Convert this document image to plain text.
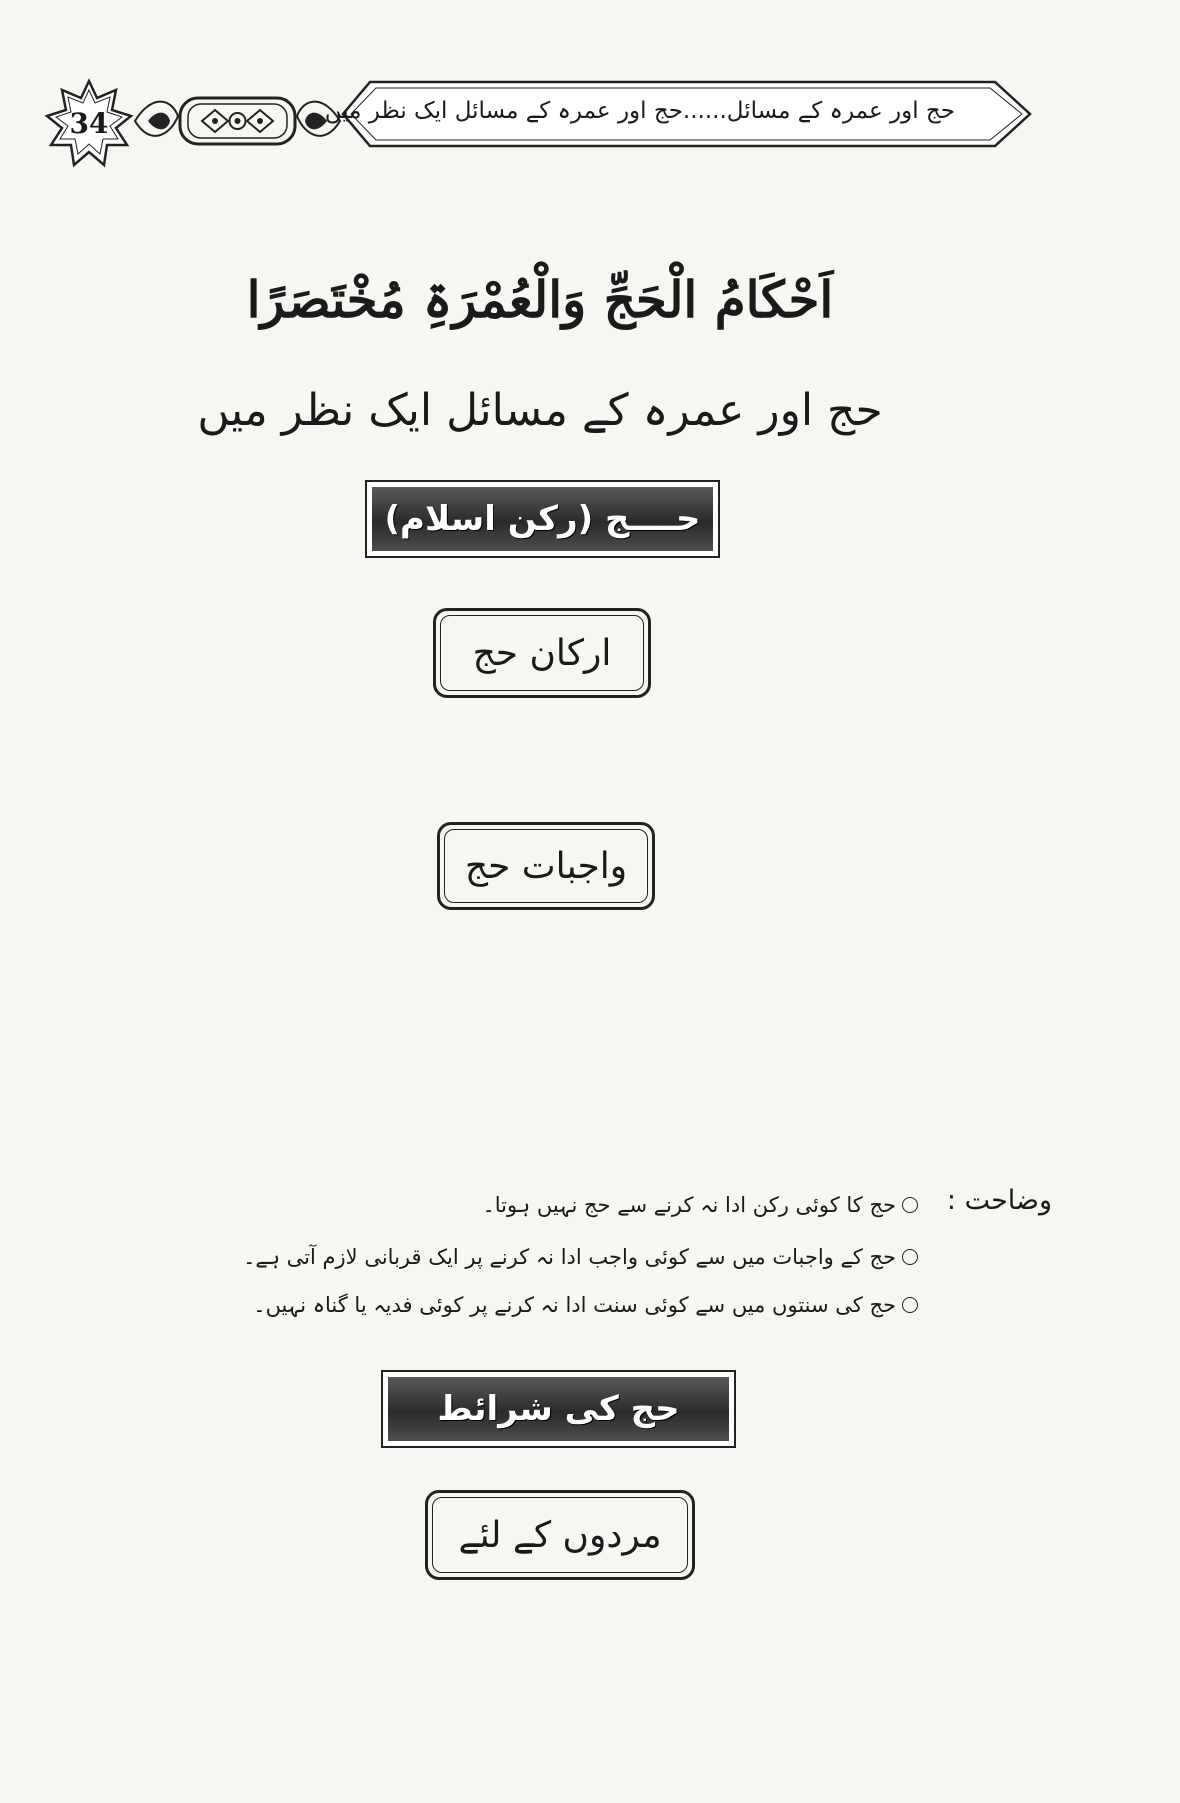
34	حج اور عمرہ کے مسائل......حج اور عمرہ کے مسائل ایک نظر میں
اَحْکَامُ الْحَجِّ وَالْعُمْرَۃِ مُخْتَصَرًا
حج اور عمرہ کے مسائل ایک نظر میں
حــــج (رکن اسلام)
ارکان حج
واجبات حج
وضاحت :
حج کا کوئی رکن ادا نہ کرنے سے حج نہیں ہوتا۔
حج کے واجبات میں سے کوئی واجب ادا نہ کرنے پر ایک قربانی لازم آتی ہے۔
حج کی سنتوں میں سے کوئی سنت ادا نہ کرنے پر کوئی فدیہ یا گناہ نہیں۔
حج کی شرائط
مردوں کے لئے
